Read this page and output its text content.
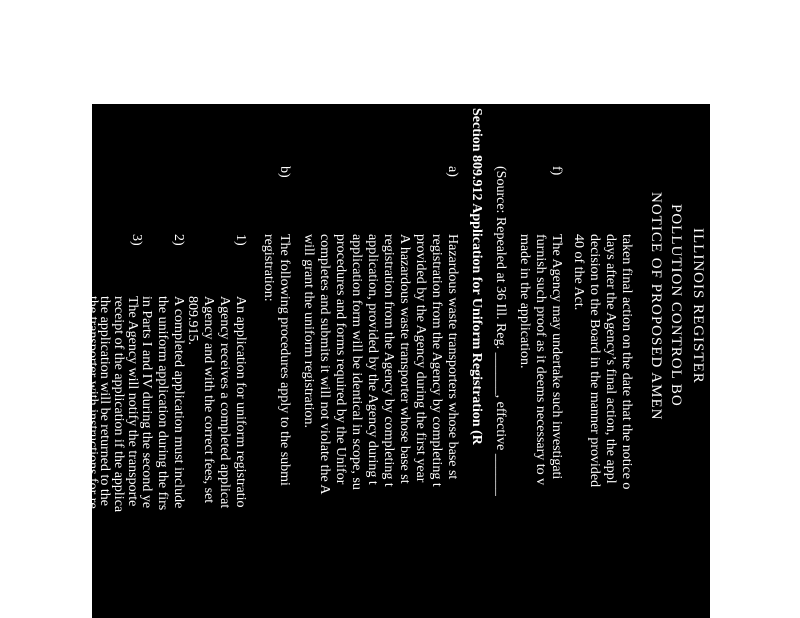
ILLINOIS REGISTER
POLLUTION CONTROL BO
NOTICE OF PROPOSED AMEN
taken final action on the date that the notice o
days after the Agency’s final action, the appl
decision to the Board in the manner provided
40 of the Act.
f)
The Agency may undertake such investigati
furnish such proof as it deems necessary to v
made in the application.
(Source: Repealed at 36 Ill. Reg. ______, effective ______
Section 809.912 Application for Uniform Registration (R
a)
Hazardous waste transporters whose base st
registration from the Agency by completing t
provided by the Agency during the first year
A hazardous waste transporter whose base st
registration from the Agency by completing t
application, provided by the Agency during t
application form will be identical in scope, su
procedures and forms required by the Unifor
completes and submits it will not violate the A
will grant the uniform registration.
b)
The following procedures apply to the submi
registration:
1)
An application for uniform registratio
Agency receives a completed applicat
Agency and with the correct fees, set
809.915.
2)
A completed application must include
the uniform application during the firs
in Parts I and IV during the second ye
3)
The Agency will notify the transporte
receipt of the application if the applica
the application will be returned to the
the transporter with instructions for re
